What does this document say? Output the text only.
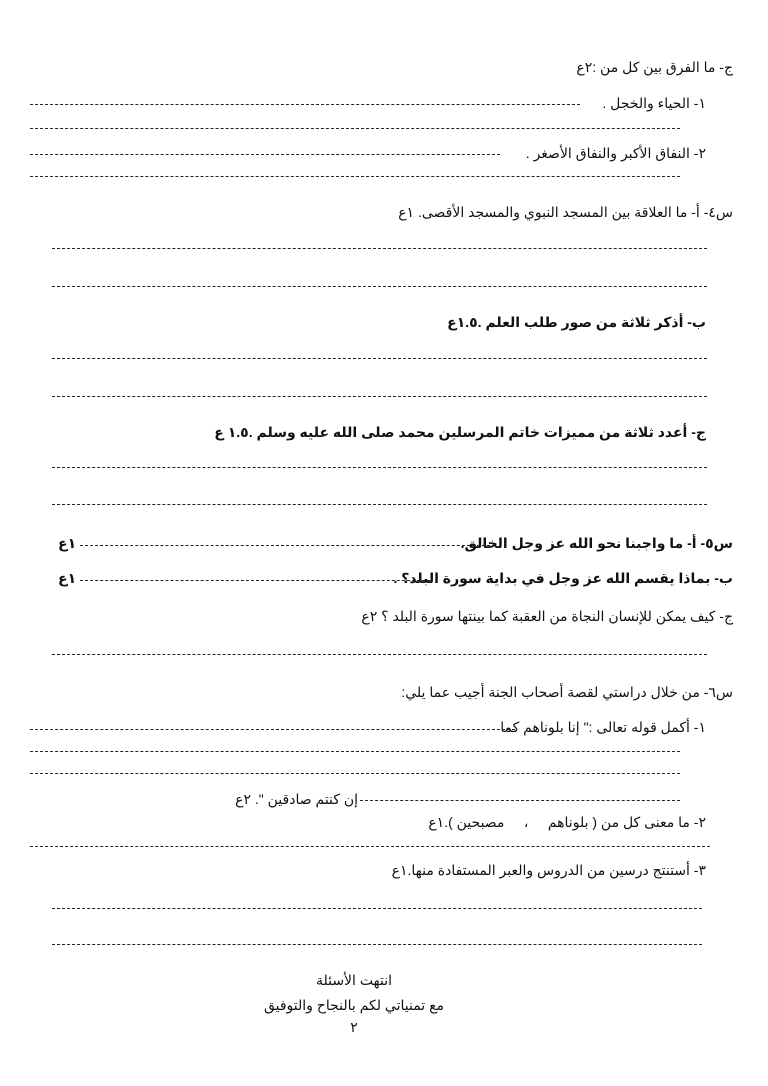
ج- ما الفرق بين كل من :٢ع
١- الحياء والخجل .
٢- النفاق الأكبر والنفاق الأصغر .
س٤- أ- ما العلاقة بين المسجد النبوي والمسجد الأقصى. ١ع
ب- أذكر ثلاثة من صور طلب العلم .١.٥ع
ج- أعدد ثلاثة من مميزات خاتم المرسلين محمد صلى الله عليه وسلم .١.٥ ع
س٥- أ- ما واجبنا نحو الله عز وجل الخالق.
١ع
ب- بماذا يقسم الله عز وجل في بداية سورة البلد؟ .
١ع
ج- كيف يمكن للإنسان النجاة من العقبة كما بينتها سورة البلد ؟ ٢ع
س٦- من خلال دراستي لقصة أصحاب الجنة أجيب عما يلي:
١- أكمل قوله تعالى :" إنا بلوناهم كما
إن كنتم صادقين ". ٢ع
٢- ما معنى كل من ( بلوناهم     ،     مصبحين ).١ع
٣- أستنتج درسين من الدروس والعبر المستفادة منها.١ع
انتهت الأسئلة
مع تمنياتي لكم بالنجاح والتوفيق
٢
